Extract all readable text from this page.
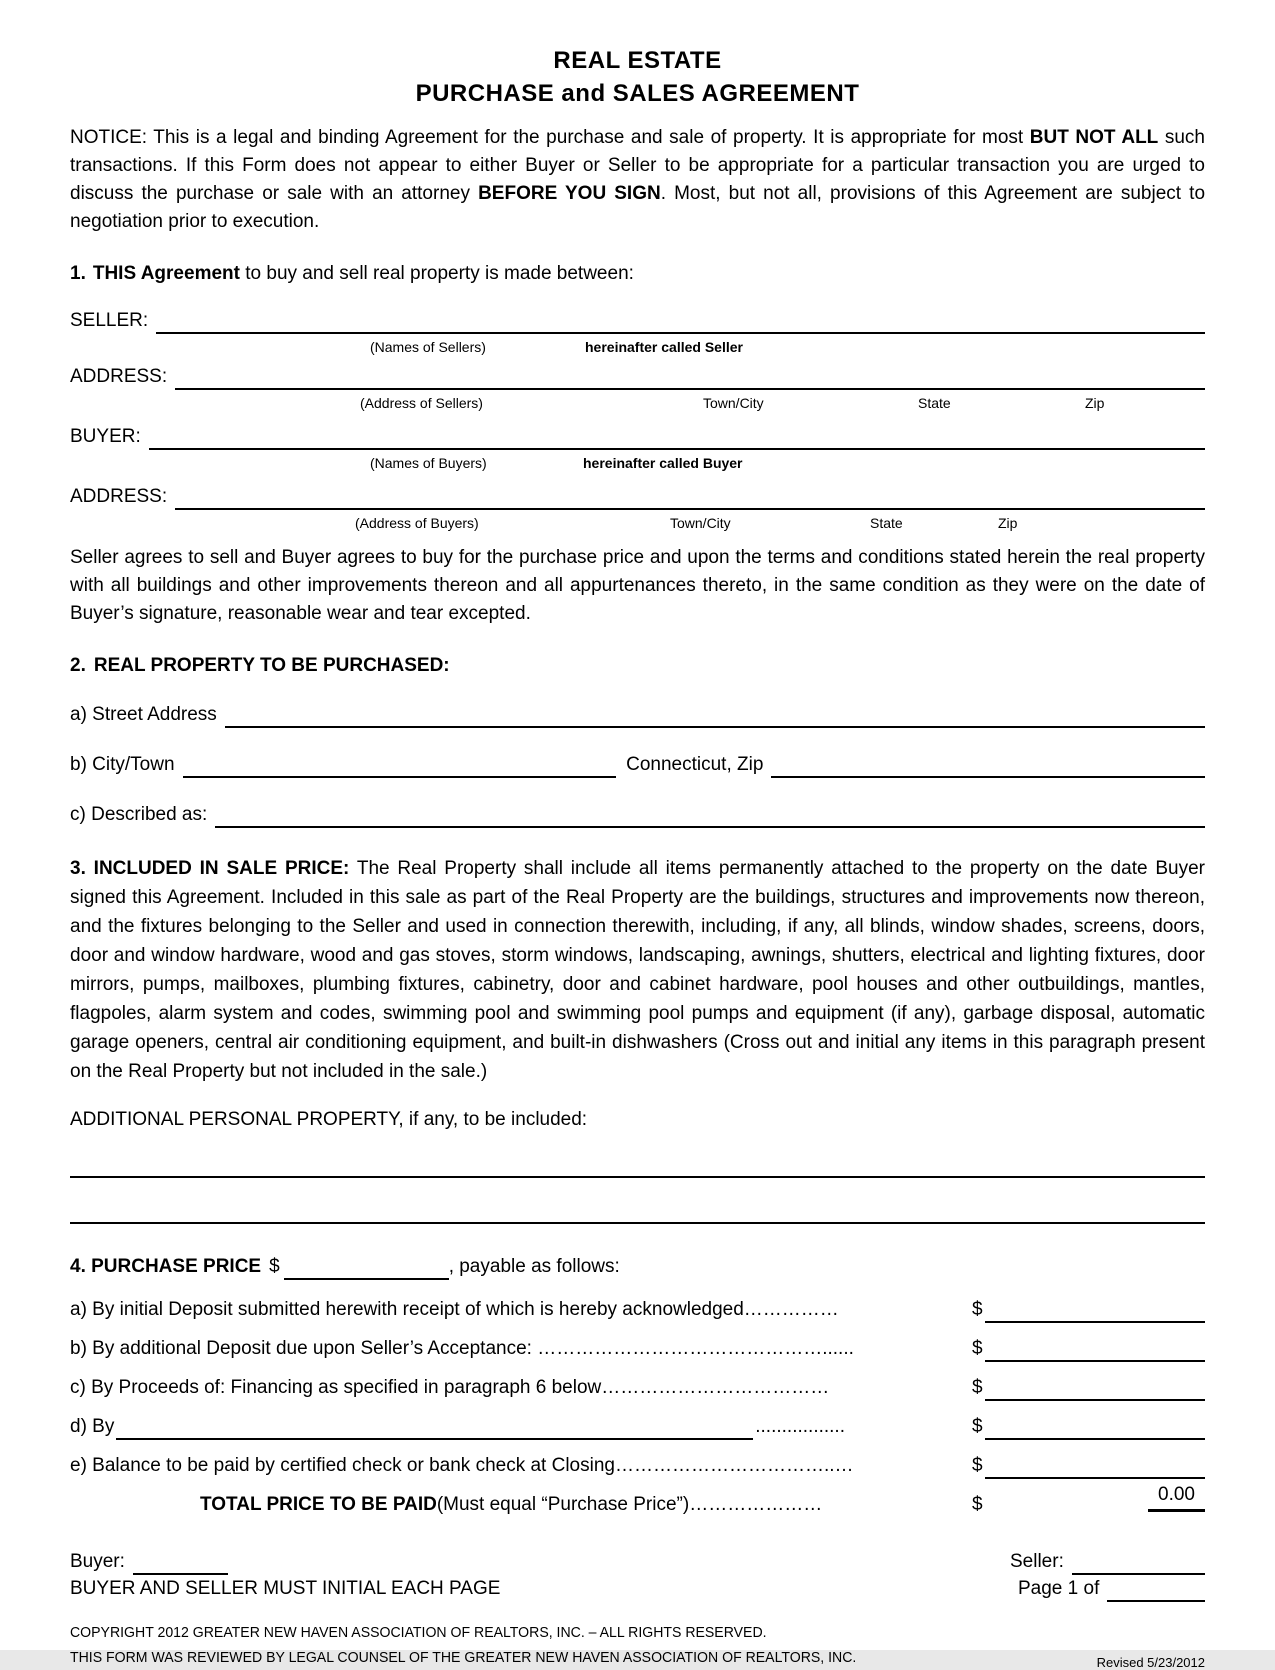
REAL ESTATE
PURCHASE and SALES AGREEMENT

NOTICE: This is a legal and binding Agreement for the purchase and sale of property. It is appropriate for most BUT NOT ALL such transactions. If this Form does not appear to either Buyer or Seller to be appropriate for a particular transaction you are urged to discuss the purchase or sale with an attorney BEFORE YOU SIGN. Most, but not all, provisions of this Agreement are subject to negotiation prior to execution.

1. THIS Agreement to buy and sell real property is made between:

SELLER:
(Names of Sellers)	hereinafter called Seller
ADDRESS:
(Address of Sellers)	Town/City	State	Zip
BUYER:
(Names of Buyers)	hereinafter called Buyer
ADDRESS:
(Address of Buyers)	Town/City	State	Zip

Seller agrees to sell and Buyer agrees to buy for the purchase price and upon the terms and conditions stated herein the real property with all buildings and other improvements thereon and all appurtenances thereto, in the same condition as they were on the date of Buyer’s signature, reasonable wear and tear excepted.

2. REAL PROPERTY TO BE PURCHASED:

a) Street Address
b) City/Town	Connecticut, Zip
c) Described as:

3. INCLUDED IN SALE PRICE: The Real Property shall include all items permanently attached to the property on the date Buyer signed this Agreement. Included in this sale as part of the Real Property are the buildings, structures and improvements now thereon, and the fixtures belonging to the Seller and used in connection therewith, including, if any, all blinds, window shades, screens, doors, door and window hardware, wood and gas stoves, storm windows, landscaping, awnings, shutters, electrical and lighting fixtures, door mirrors, pumps, mailboxes, plumbing fixtures, cabinetry, door and cabinet hardware, pool houses and other outbuildings, mantles, flagpoles, alarm system and codes, swimming pool and swimming pool pumps and equipment (if any), garbage disposal, automatic garage openers, central air conditioning equipment, and built-in dishwashers (Cross out and initial any items in this paragraph present on the Real Property but not included in the sale.)

ADDITIONAL PERSONAL PROPERTY, if any, to be included:

4. PURCHASE PRICE $	, payable as follows:
a) By initial Deposit submitted herewith receipt of which is hereby acknowledged……………	$
b) By additional Deposit due upon Seller’s Acceptance: ………………………………………......	$
c) By Proceeds of: Financing as specified in paragraph 6 below………………………………	$
d) By	.................	$
e) Balance to be paid by certified check or bank check at Closing……………………………..…	$
TOTAL PRICE TO BE PAID (Must equal “Purchase Price”) …………………	$	0.00
Buyer:
BUYER AND SELLER MUST INITIAL EACH PAGE
Seller:
Page 1 of
COPYRIGHT 2012 GREATER NEW HAVEN ASSOCIATION OF REALTORS, INC. – ALL RIGHTS RESERVED.
THIS FORM WAS REVIEWED BY LEGAL COUNSEL OF THE GREATER NEW HAVEN ASSOCIATION OF REALTORS, INC.	Revised 5/23/2012
